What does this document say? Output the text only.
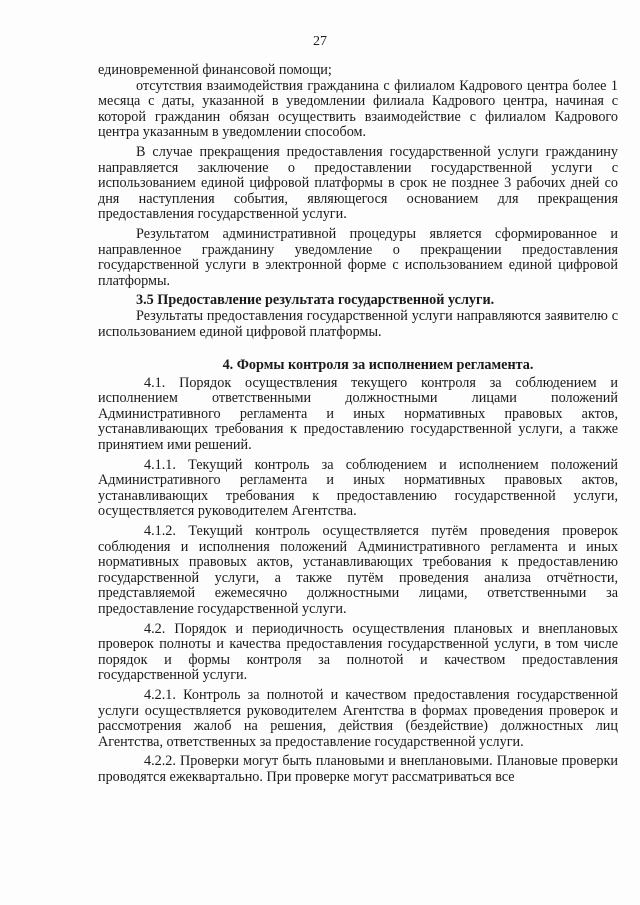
27

единовременной финансовой помощи;

отсутствия взаимодействия гражданина с филиалом Кадрового центра более 1 месяца с даты, указанной в уведомлении филиала Кадрового центра, начиная с которой гражданин обязан осуществить взаимодействие с филиалом Кадрового центра указанным в уведомлении способом.

В случае прекращения предоставления государственной услуги гражданину направляется заключение о предоставлении государственной услуги с использованием единой цифровой платформы в срок не позднее 3 рабочих дней со дня наступления события, являющегося основанием для прекращения предоставления государственной услуги.

Результатом административной процедуры является сформированное и направленное гражданину уведомление о прекращении предоставления государственной услуги в электронной форме с использованием единой цифровой платформы.

3.5 Предоставление результата государственной услуги.

Результаты предоставления государственной услуги направляются заявителю с использованием единой цифровой платформы.

4. Формы контроля за исполнением регламента.

4.1. Порядок осуществления текущего контроля за соблюдением и исполнением ответственными должностными лицами положений Административного регламента и иных нормативных правовых актов, устанавливающих требования к предоставлению государственной услуги, а также принятием ими решений.

4.1.1. Текущий контроль за соблюдением и исполнением положений Административного регламента и иных нормативных правовых актов, устанавливающих требования к предоставлению государственной услуги, осуществляется руководителем Агентства.

4.1.2. Текущий контроль осуществляется путём проведения проверок соблюдения и исполнения положений Административного регламента и иных нормативных правовых актов, устанавливающих требования к предоставлению государственной услуги, а также путём проведения анализа отчётности, представляемой ежемесячно должностными лицами, ответственными за предоставление государственной услуги.

4.2. Порядок и периодичность осуществления плановых и внеплановых проверок полноты и качества предоставления государственной услуги, в том числе порядок и формы контроля за полнотой и качеством предоставления государственной услуги.

4.2.1. Контроль за полнотой и качеством предоставления государственной услуги осуществляется руководителем Агентства в формах проведения проверок и рассмотрения жалоб на решения, действия (бездействие) должностных лиц Агентства, ответственных за предоставление государственной услуги.

4.2.2. Проверки могут быть плановыми и внеплановыми. Плановые проверки проводятся ежеквартально. При проверке могут рассматриваться все
